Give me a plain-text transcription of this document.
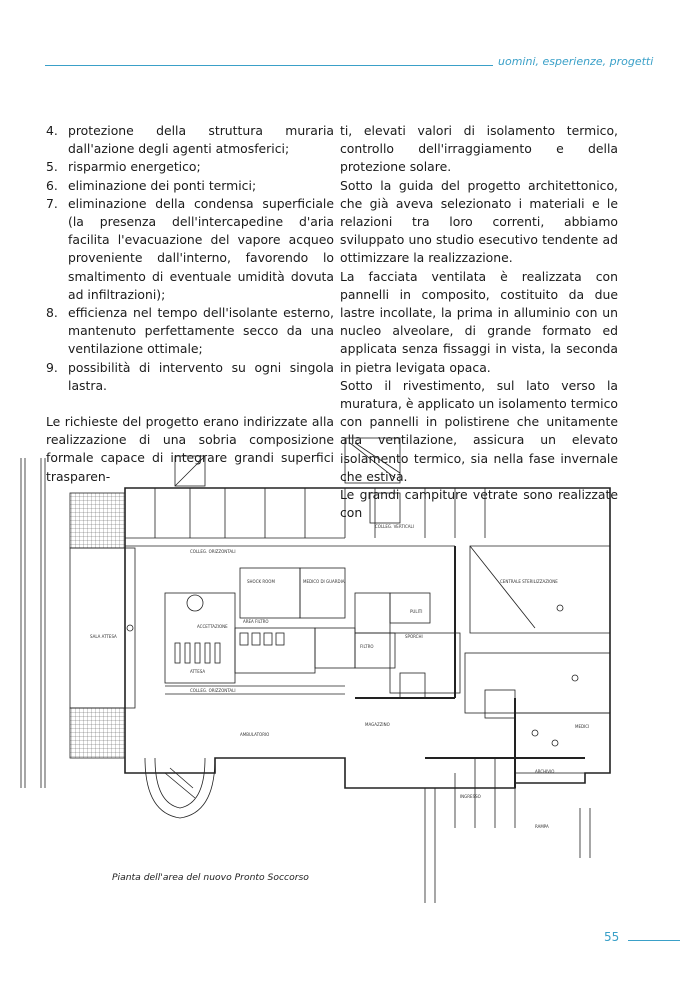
uomini, esperienze, progetti
4. protezione della struttura muraria dall'azione degli agenti atmosferici;
5. risparmio energetico;
6. eliminazione dei ponti termici;
7. eliminazione della condensa superficiale (la presenza dell'intercapedine d'aria facilita l'evacuazione del vapore acqueo proveniente dall'interno, favorendo lo smaltimento di eventuale umidità dovuta ad infiltrazioni);
8. efficienza nel tempo dell'isolante esterno, mantenuto perfettamente secco da una ventilazione ottimale;
9. possibilità di intervento su ogni singola lastra.

Le richieste del progetto erano indirizzate alla realizzazione di una sobria composizione formale capace di integrare grandi superfici trasparen-

ti, elevati valori di isolamento termico, controllo dell'irraggiamento e della protezione solare.

Sotto la guida del progetto architettonico, che già aveva selezionato i materiali e le relazioni tra loro correnti, abbiamo sviluppato uno studio esecutivo tendente ad ottimizzare la realizzazione.

La facciata ventilata è realizzata con pannelli in composito, costituito da due lastre incollate, la prima in alluminio con un nucleo alveolare, di grande formato ed applicata senza fissaggi in vista, la seconda in pietra levigata opaca.

Sotto il rivestimento, sul lato verso la muratura, è applicato un isolamento termico con pannelli in polistirene che unitamente alla ventilazione, assicura un elevato isolamento termico, sia nella fase invernale che estiva.

Le grandi campiture vetrate sono realizzate con

SALA ATTESA
ACCETTAZIONE
ATTESA
AREA FILTRO
SHOCK ROOM	MEDICO DI GUARDIA	CENTRALE STERILIZZAZIONE
COLLEG. ORIZZONTALI
COLLEG. ORIZZONTALI
COLLEG. VERTICALI
AMBULATORIO
MAGAZZINO
ARCHIVIO
INGRESSO
RAMPA
SPORCHI
PULITI
MEDICI
FILTRO
Pianta dell'area del nuovo Pronto Soccorso
55
